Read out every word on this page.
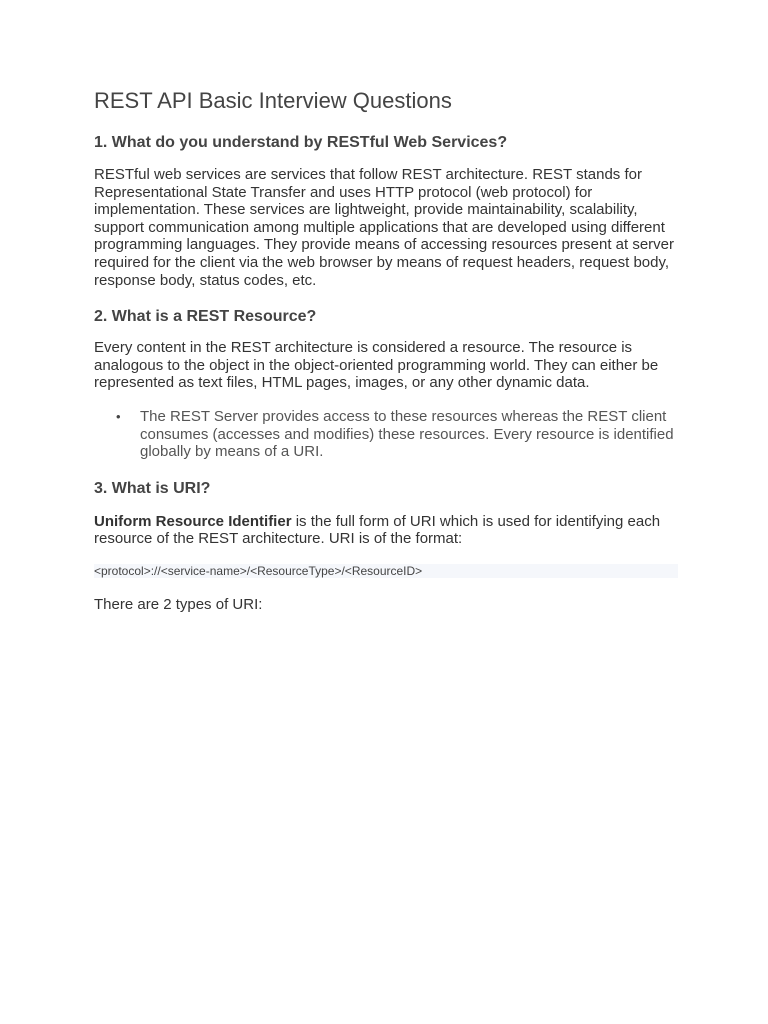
REST API Basic Interview Questions
1. What do you understand by RESTful Web Services?

RESTful web services are services that follow REST architecture. REST stands for Representational State Transfer and uses HTTP protocol (web protocol) for implementation. These services are lightweight, provide maintainability, scalability, support communication among multiple applications that are developed using different programming languages. They provide means of accessing resources present at server required for the client via the web browser by means of request headers, request body, response body, status codes, etc.

2. What is a REST Resource?

Every content in the REST architecture is considered a resource. The resource is analogous to the object in the object-oriented programming world. They can either be represented as text files, HTML pages, images, or any other dynamic data.

• The REST Server provides access to these resources whereas the REST client consumes (accesses and modifies) these resources. Every resource is identified globally by means of a URI.
3. What is URI?

Uniform Resource Identifier is the full form of URI which is used for identifying each resource of the REST architecture. URI is of the format:

<protocol>://<service-name>/<ResourceType>/<ResourceID>

There are 2 types of URI:
